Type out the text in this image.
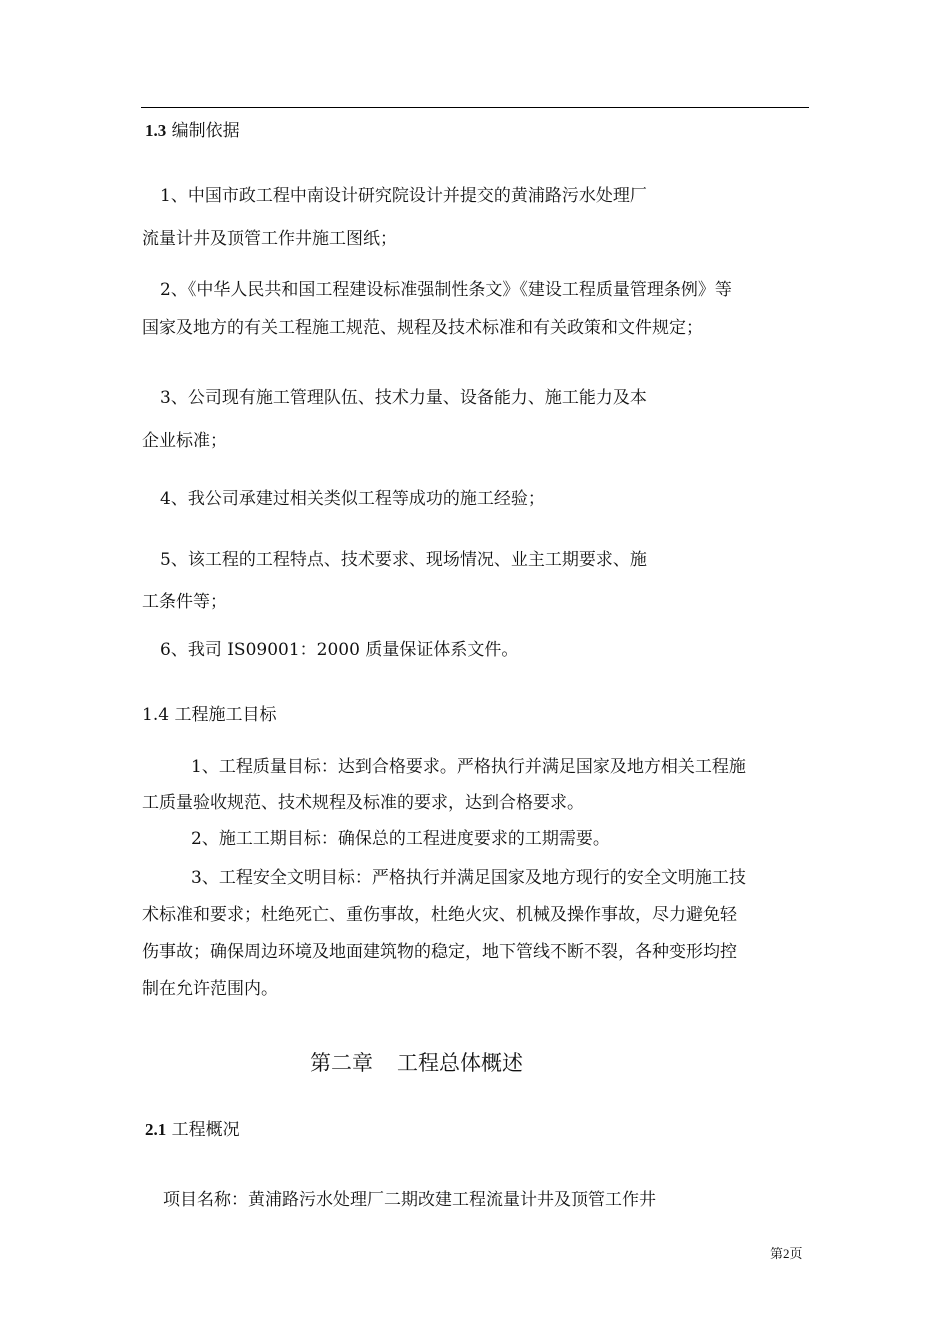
1.3 编制依据
1、中国市政工程中南设计研究院设计并提交的黄浦路污水处理厂
流量计井及顶管工作井施工图纸；
2、《中华人民共和国工程建设标准强制性条文》《建设工程质量管理条例》等
国家及地方的有关工程施工规范、规程及技术标准和有关政策和文件规定；
3、公司现有施工管理队伍、技术力量、设备能力、施工能力及本
企业标准；
4、我公司承建过相关类似工程等成功的施工经验；
5、该工程的工程特点、技术要求、现场情况、业主工期要求、施
工条件等；
6、我司 IS09001：2000 质量保证体系文件。
1.4 工程施工目标
1、工程质量目标：达到合格要求。严格执行并满足国家及地方相关工程施
工质量验收规范、技术规程及标准的要求，达到合格要求。
2、施工工期目标：确保总的工程进度要求的工期需要。
3、工程安全文明目标：严格执行并满足国家及地方现行的安全文明施工技
术标准和要求；杜绝死亡、重伤事故，杜绝火灾、机械及操作事故，尽力避免轻
伤事故；确保周边环境及地面建筑物的稳定，地下管线不断不裂，各种变形均控
制在允许范围内。
第二章 工程总体概述
2.1 工程概况
项目名称：黄浦路污水处理厂二期改建工程流量计井及顶管工作井
第2页
